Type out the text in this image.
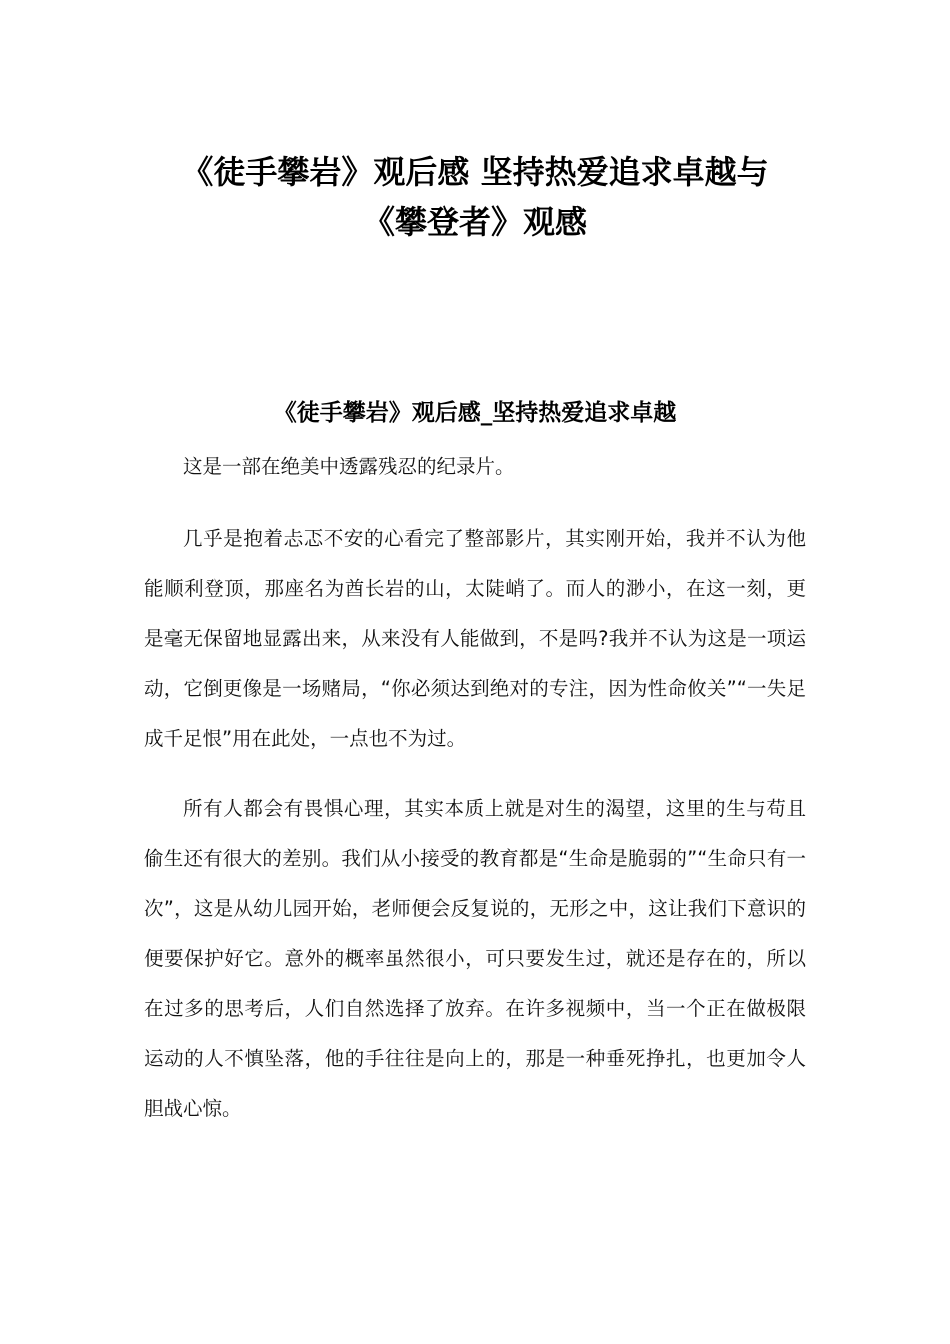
《徒手攀岩》观后感 坚持热爱追求卓越与
《攀登者》观感
《徒手攀岩》观后感_坚持热爱追求卓越

这是一部在绝美中透露残忍的纪录片。

几乎是抱着忐忑不安的心看完了整部影片，其实刚开始，我并不认为他能顺利登顶，那座名为酋长岩的山，太陡峭了。而人的渺小，在这一刻，更是毫无保留地显露出来，从来没有人能做到，不是吗?我并不认为这是一项运动，它倒更像是一场赌局，“你必须达到绝对的专注，因为性命攸关”“一失足成千足恨”用在此处，一点也不为过。

所有人都会有畏惧心理，其实本质上就是对生的渴望，这里的生与苟且偷生还有很大的差别。我们从小接受的教育都是“生命是脆弱的”“生命只有一次”，这是从幼儿园开始，老师便会反复说的，无形之中，这让我们下意识的便要保护好它。意外的概率虽然很小，可只要发生过，就还是存在的，所以在过多的思考后，人们自然选择了放弃。在许多视频中，当一个正在做极限运动的人不慎坠落，他的手往往是向上的，那是一种垂死挣扎，也更加令人胆战心惊。
